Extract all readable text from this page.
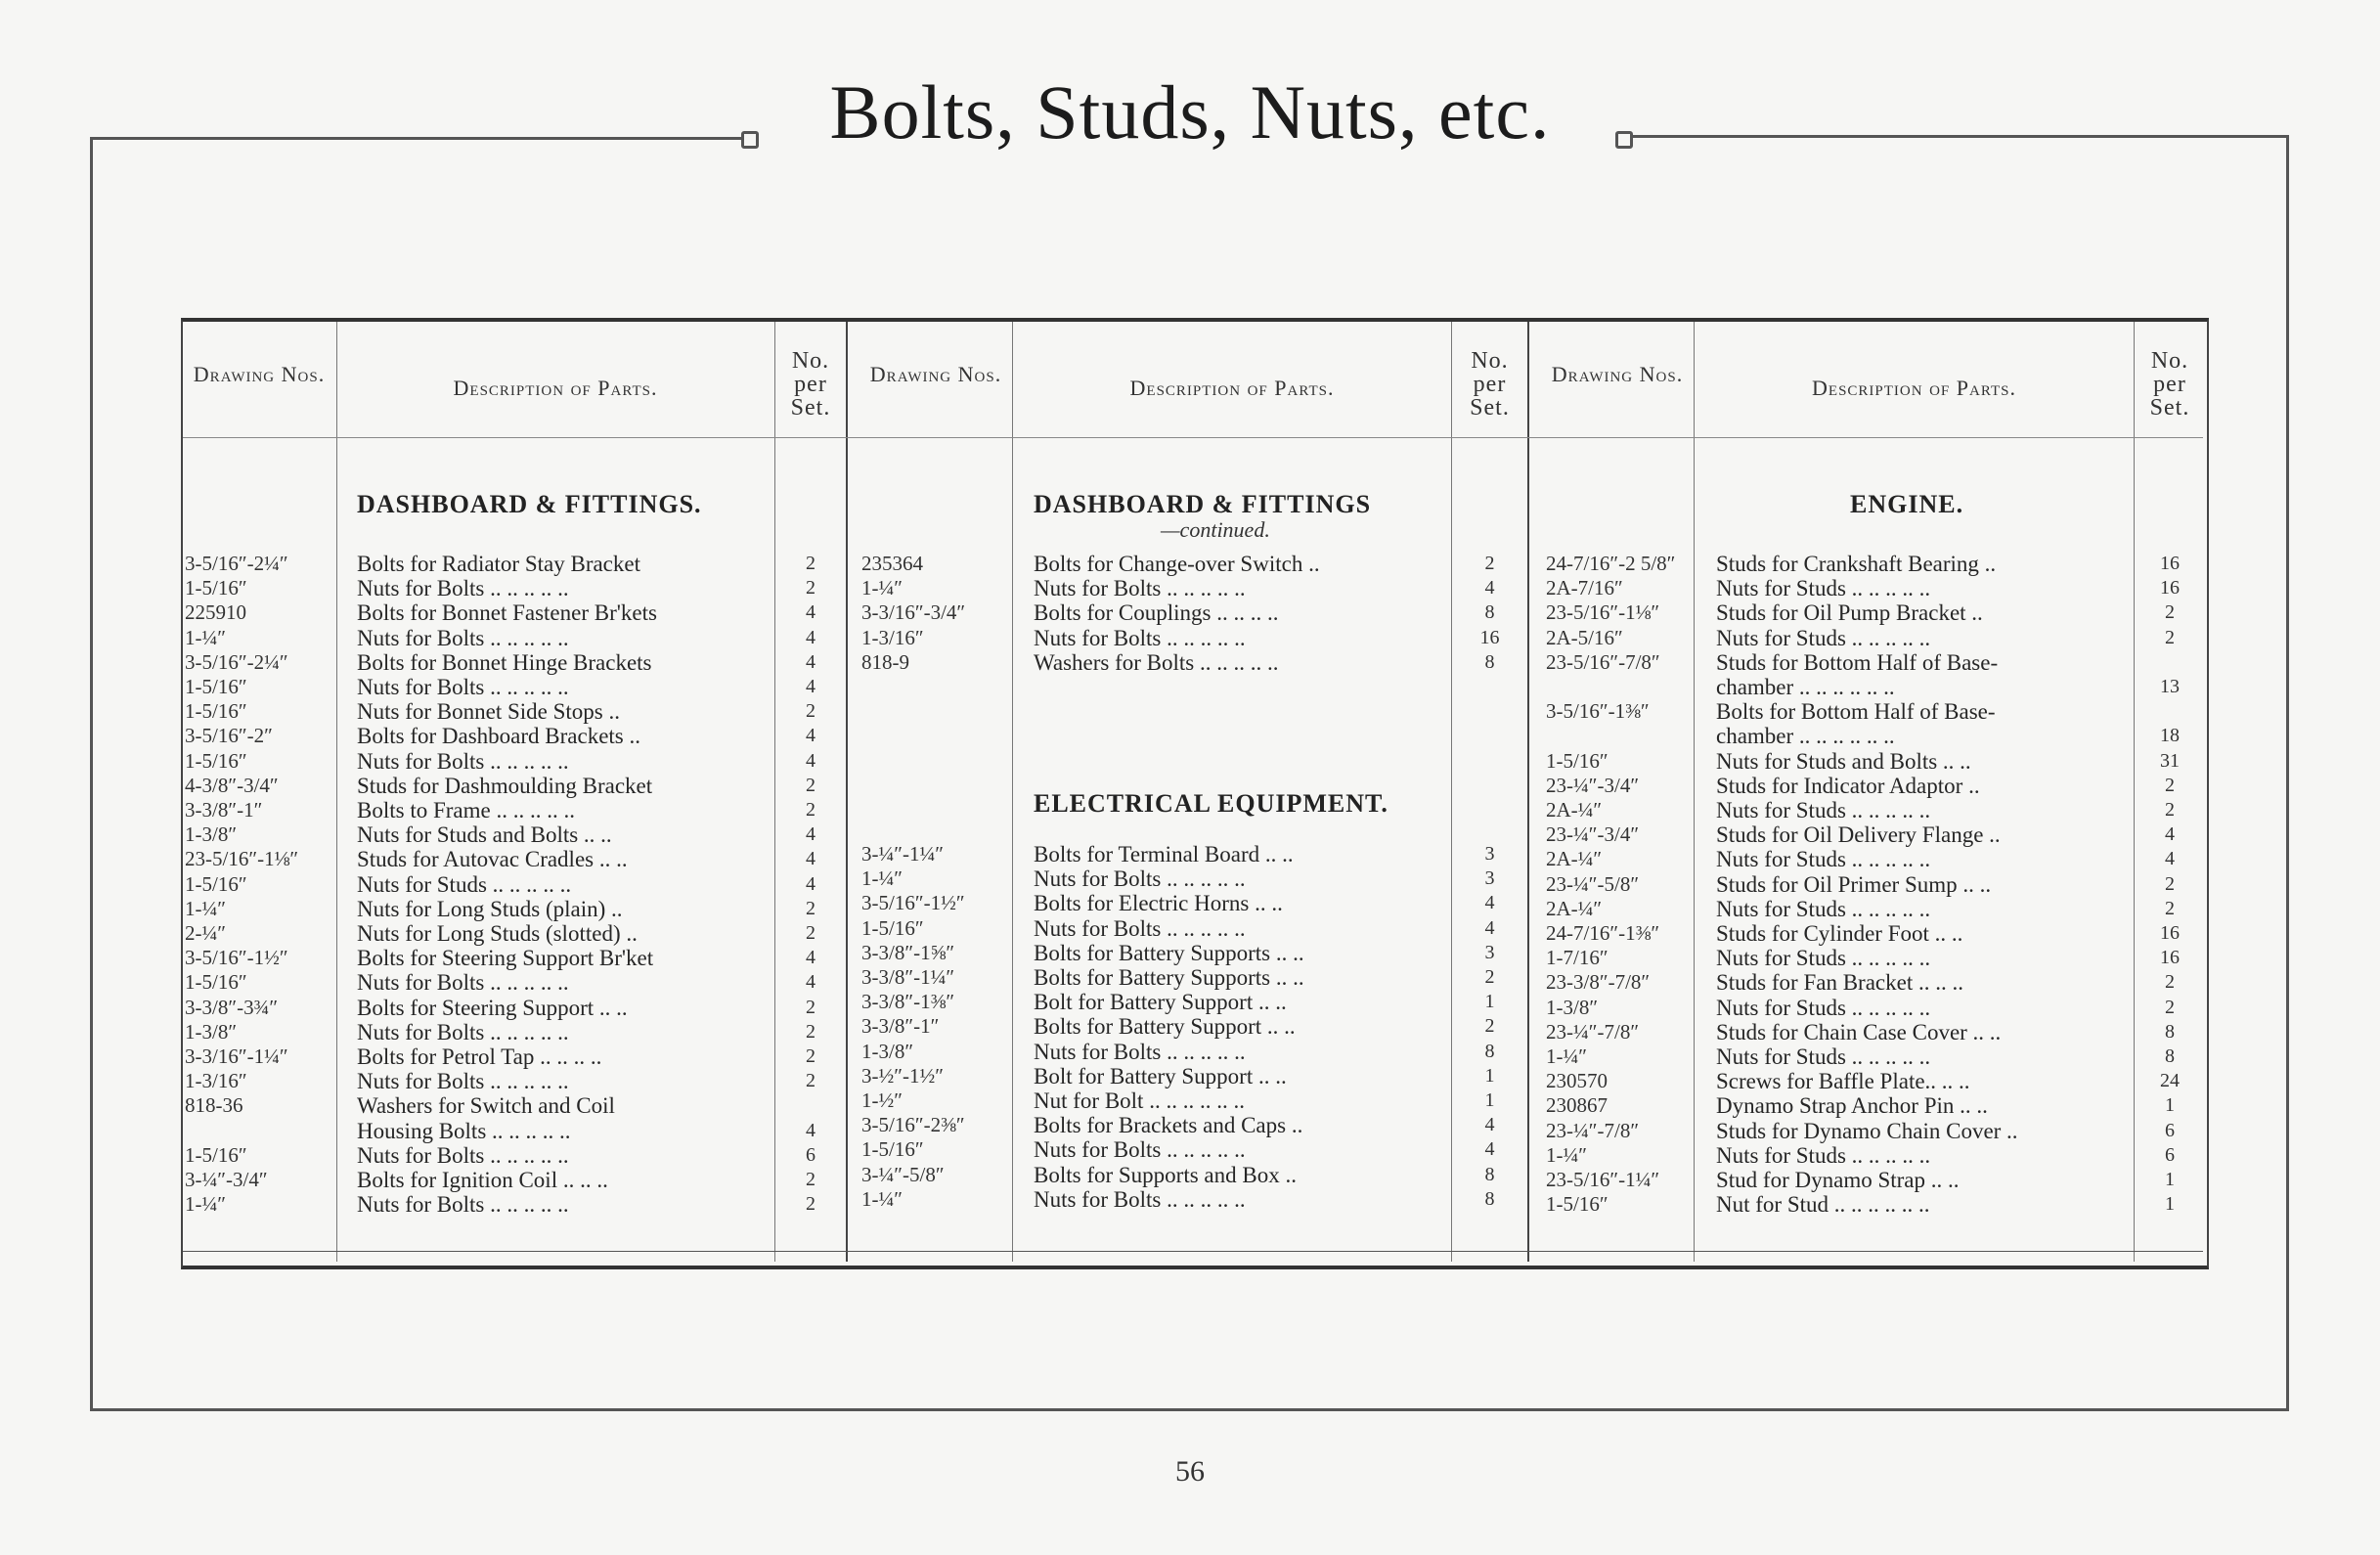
Bolts, Studs, Nuts, etc.
Drawing Nos.
Description of Parts.
No. per Set.
Drawing Nos.
Description of Parts.
No. per Set.
Drawing Nos.
Description of Parts.
No. per Set.
DASHBOARD & FITTINGS.	DASHBOARD & FITTINGS
—continued.
ELECTRICAL EQUIPMENT.
ENGINE.
3-5/16″-2¼″	Bolts for Radiator Stay Bracket	2
1-5/16″	Nuts for Bolts .. .. .. .. ..	2
225910	Bolts for Bonnet Fastener Br'kets	4
1-¼″	Nuts for Bolts .. .. .. .. ..	4
3-5/16″-2¼″	Bolts for Bonnet Hinge Brackets	4
1-5/16″	Nuts for Bolts .. .. .. .. ..	4
1-5/16″	Nuts for Bonnet Side Stops ..	2
3-5/16″-2″	Bolts for Dashboard Brackets ..	4
1-5/16″	Nuts for Bolts .. .. .. .. ..	4
4-3/8″-3/4″	Studs for Dashmoulding Bracket	2
3-3/8″-1″	Bolts to Frame .. .. .. .. ..	2
1-3/8″	Nuts for Studs and Bolts .. ..	4
23-5/16″-1⅛″	Studs for Autovac Cradles .. ..	4
1-5/16″	Nuts for Studs .. .. .. .. ..	4
1-¼″	Nuts for Long Studs (plain) ..	2
2-¼″	Nuts for Long Studs (slotted) ..	2
3-5/16″-1½″	Bolts for Steering Support Br'ket	4
1-5/16″	Nuts for Bolts .. .. .. .. ..	4
3-3/8″-3¾″	Bolts for Steering Support .. ..	2
1-3/8″	Nuts for Bolts .. .. .. .. ..	2
3-3/16″-1¼″	Bolts for Petrol Tap .. .. .. ..	2
1-3/16″	Nuts for Bolts .. .. .. .. ..	2
818-36	Washers for Switch and Coil
Housing Bolts .. .. .. .. ..	4
1-5/16″	Nuts for Bolts .. .. .. .. ..	6
3-¼″-3/4″	Bolts for Ignition Coil .. .. ..	2
1-¼″	Nuts for Bolts .. .. .. .. ..	2
235364	Bolts for Change-over Switch ..	2
1-¼″	Nuts for Bolts .. .. .. .. ..	4
3-3/16″-3/4″	Bolts for Couplings .. .. .. ..	8
1-3/16″	Nuts for Bolts .. .. .. .. ..	16
818-9	Washers for Bolts .. .. .. .. ..	8
3-¼″-1¼″	Bolts for Terminal Board .. ..	3
1-¼″	Nuts for Bolts .. .. .. .. ..	3
3-5/16″-1½″	Bolts for Electric Horns .. ..	4
1-5/16″	Nuts for Bolts .. .. .. .. ..	4
3-3/8″-1⅝″	Bolts for Battery Supports .. ..	3
3-3/8″-1¼″	Bolts for Battery Supports .. ..	2
3-3/8″-1⅜″	Bolt for Battery Support .. ..	1
3-3/8″-1″	Bolts for Battery Support .. ..	2
1-3/8″	Nuts for Bolts .. .. .. .. ..	8
3-½″-1½″	Bolt for Battery Support .. ..	1
1-½″	Nut for Bolt .. .. .. .. .. ..	1
3-5/16″-2⅜″	Bolts for Brackets and Caps ..	4
1-5/16″	Nuts for Bolts .. .. .. .. ..	4
3-¼″-5/8″	Bolts for Supports and Box ..	8
1-¼″	Nuts for Bolts .. .. .. .. ..	8
24-7/16″-2 5/8″ Studs for Crankshaft Bearing ..	16
2A-7/16″	Nuts for Studs .. .. .. .. ..	16
23-5/16″-1⅛″	Studs for Oil Pump Bracket ..	2
2A-5/16″	Nuts for Studs .. .. .. .. ..	2
23-5/16″-7/8″ Studs for Bottom Half of Base-
chamber .. .. .. .. .. ..	13
3-5/16″-1⅜″	Bolts for Bottom Half of Base-
chamber .. .. .. .. .. ..	18
1-5/16″	Nuts for Studs and Bolts .. ..	31
23-¼″-3/4″	Studs for Indicator Adaptor ..	2
2A-¼″	Nuts for Studs .. .. .. .. ..	2
23-¼″-3/4″	Studs for Oil Delivery Flange ..	4
2A-¼″	Nuts for Studs .. .. .. .. ..	4
23-¼″-5/8″	Studs for Oil Primer Sump .. ..	2
2A-¼″	Nuts for Studs .. .. .. .. ..	2
24-7/16″-1⅜″	Studs for Cylinder Foot .. ..	16
1-7/16″	Nuts for Studs .. .. .. .. ..	16
23-3/8″-7/8″	Studs for Fan Bracket .. .. ..	2
1-3/8″	Nuts for Studs .. .. .. .. ..	2
23-¼″-7/8″	Studs for Chain Case Cover .. ..	8
1-¼″	Nuts for Studs .. .. .. .. ..	8
230570	Screws for Baffle Plate.. .. ..	24
230867	Dynamo Strap Anchor Pin .. ..	1
23-¼″-7/8″	Studs for Dynamo Chain Cover ..	6
1-¼″	Nuts for Studs .. .. .. .. ..	6
23-5/16″-1¼″	Stud for Dynamo Strap .. ..	1
1-5/16″	Nut for Stud .. .. .. .. .. ..	1
56
